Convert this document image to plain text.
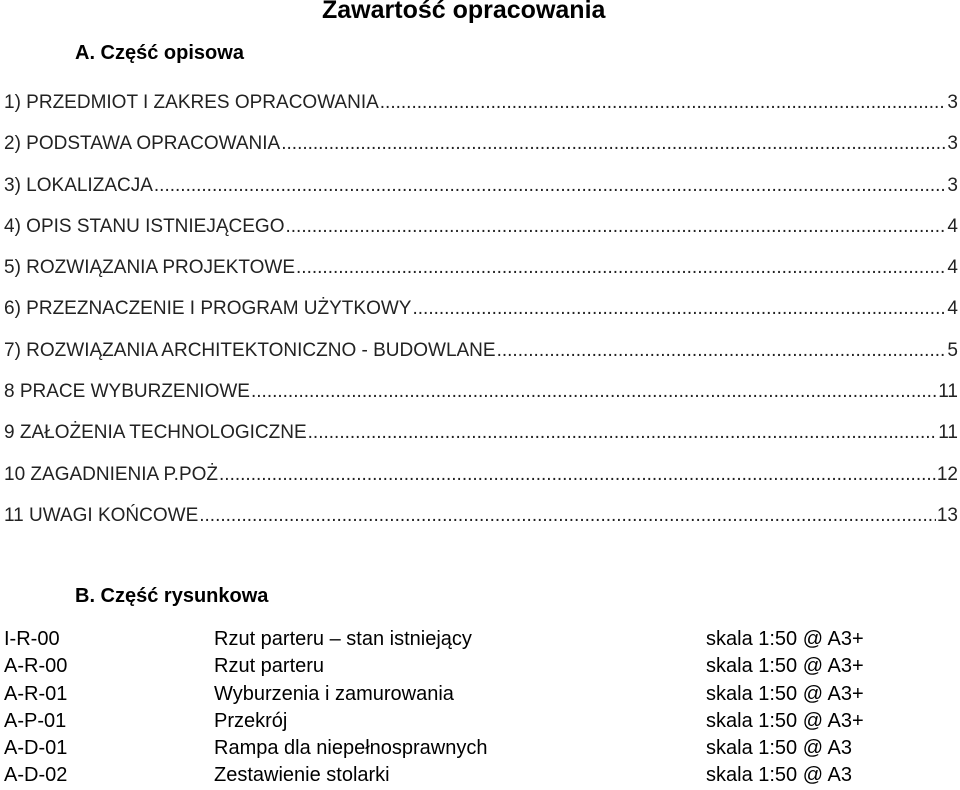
Zawartość opracowania
A. Część opisowa
1) PRZEDMIOT I ZAKRES OPRACOWANIA .....	3
2) PODSTAWA OPRACOWANIA .....	3
3) LOKALIZACJA .....	3
4) OPIS STANU ISTNIEJĄCEGO .....	4
5) ROZWIĄZANIA PROJEKTOWE .....	4
6) PRZEZNACZENIE I PROGRAM UŻYTKOWY .....	4
7) ROZWIĄZANIA ARCHITEKTONICZNO - BUDOWLANE .....	5
8 PRACE WYBURZENIOWE .....	11
9 ZAŁOŻENIA TECHNOLOGICZNE .....	11
10 ZAGADNIENIA P.POŻ .....	12
11 UWAGI KOŃCOWE .....	13
B. Część rysunkowa
I-R-00	Rzut parteru – stan istniejący	skala 1:50 @ A3+
A-R-00	Rzut parteru	skala 1:50 @ A3+
A-R-01	Wyburzenia i zamurowania	skala 1:50 @ A3+
A-P-01	Przekrój	skala 1:50 @ A3+
A-D-01	Rampa dla niepełnosprawnych	skala 1:50 @ A3
A-D-02	Zestawienie stolarki	skala 1:50 @ A3
